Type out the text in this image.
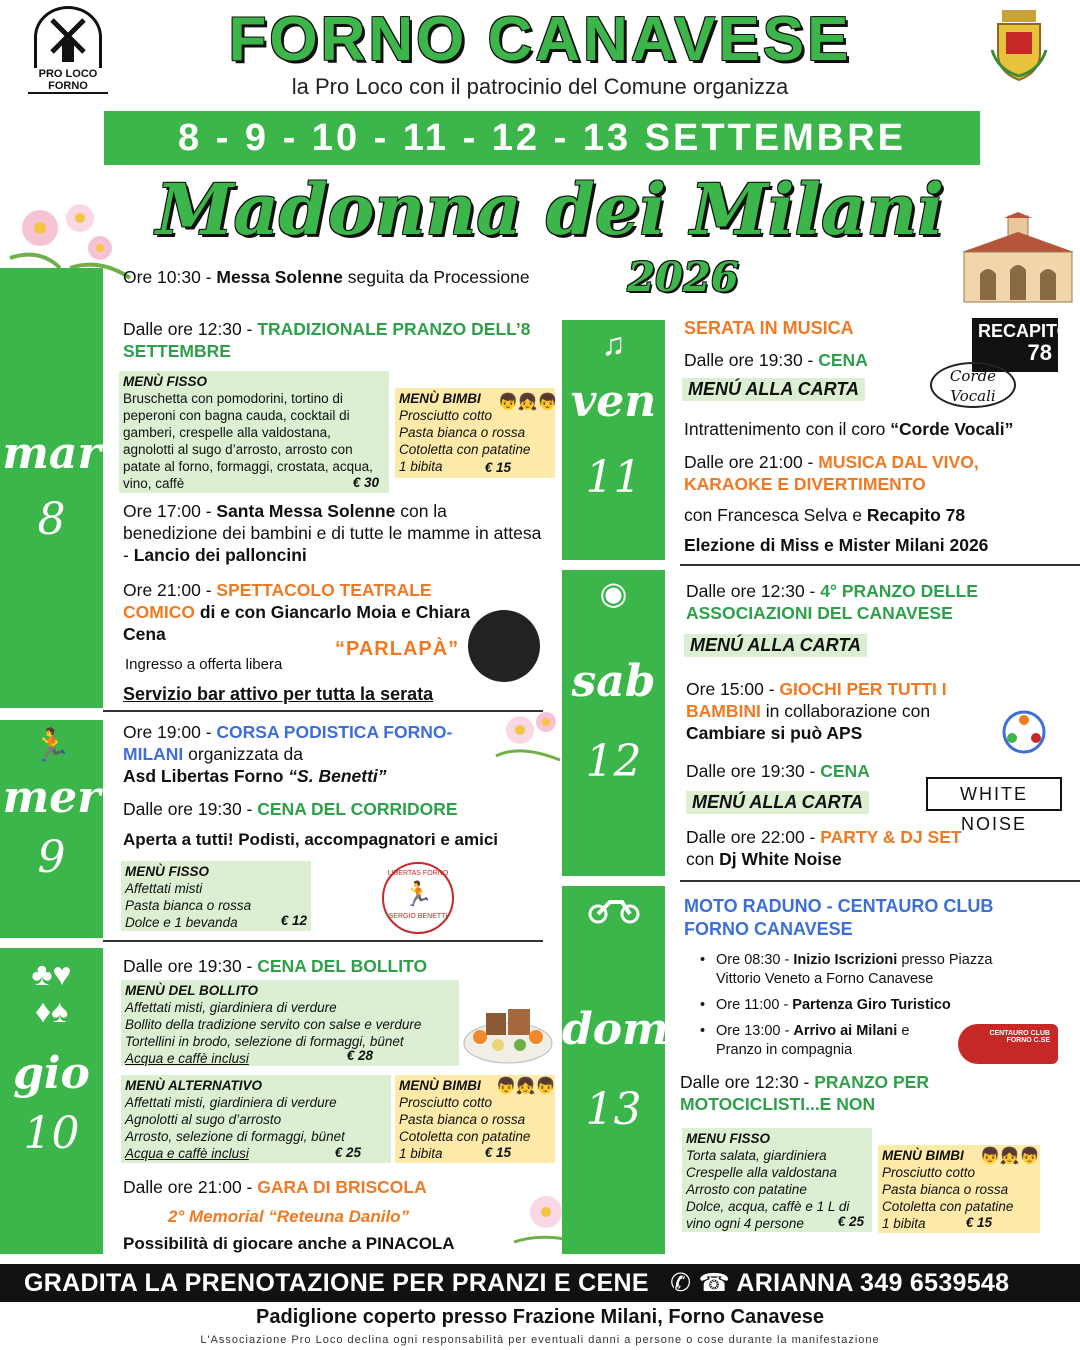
PRO LOCO
FORNO
FORNO CANAVESE
la Pro Loco con il patrocinio del Comune organizza
8 - 9 - 10 - 11 - 12 - 13 SETTEMBRE
Madonna dei Milani
2026
mar
8
🏃
mer
9
♣♥
♦♠
gio
10
♫
ven
11
◉
sab
12
dom
13
Ore 10:30 - Messa Solenne seguita da Processione
Dalle ore 12:30 - TRADIZIONALE PRANZO DELL’8 SETTEMBRE
MENÙ FISSO
Bruschetta con pomodorini, tortino di peperoni con bagna cauda, cocktail di gamberi, crespelle alla valdostana, agnolotti al sugo d’arrosto, arrosto con patate al forno, formaggi, crostata, acqua, vino, caffè	€ 30
MENÙ BIMBI
Prosciutto cotto
Pasta bianca o rossa
Cotoletta con patatine
1 bibita	€ 15
👦👧👦
Ore 17:00 - Santa Messa Solenne con la benedizione dei bambini e di tutte le mamme in attesa - Lancio dei palloncini
Ore 21:00 - SPETTACOLO TEATRALE COMICO di e con Giancarlo Moia e Chiara Cena
“PARLAPÀ”
Ingresso a offerta libera
Servizio bar attivo per tutta la serata
Ore 19:00 - CORSA PODISTICA FORNO-MILANI organizzata da
Asd Libertas Forno “S. Benetti”
Dalle ore 19:30 - CENA DEL CORRIDORE
Aperta a tutti! Podisti, accompagnatori e amici
MENÙ FISSO
Affettati misti
Pasta bianca o rossa
Dolce e 1 bevanda	€ 12
LIBERTAS FORNO
🏃
SERGIO BENETTI
Dalle ore 19:30 - CENA DEL BOLLITO
MENÙ DEL BOLLITO
Affettati misti, giardiniera di verdure
Bollito della tradizione servito con salse e verdure
Tortellini in brodo, selezione di formaggi, bünet
Acqua e caffè inclusi	€ 28
MENÙ ALTERNATIVO
Affettati misti, giardiniera di verdure
Agnolotti al sugo d’arrosto
Arrosto, selezione di formaggi, bünet
Acqua e caffè inclusi	€ 25
MENÙ BIMBI
Prosciutto cotto
Pasta bianca o rossa
Cotoletta con patatine
1 bibita	€ 15
👦👧👦
Dalle ore 21:00 - GARA DI BRISCOLA
2° Memorial “Reteuna Danilo”
Possibilità di giocare anche a PINACOLA
SERATA IN MUSICA
Dalle ore 19:30 - CENA
MENÚ ALLA CARTA
RECAPITO
78
Corde Vocali
Intrattenimento con il coro “Corde Vocali”
Dalle ore 21:00 - MUSICA DAL VIVO, KARAOKE E DIVERTIMENTO
con Francesca Selva e Recapito 78
Elezione di Miss e Mister Milani 2026
Dalle ore 12:30 - 4° PRANZO DELLE ASSOCIAZIONI DEL CANAVESE
MENÚ ALLA CARTA
Ore 15:00 - GIOCHI PER TUTTI I BAMBINI in collaborazione con Cambiare si può APS
Dalle ore 19:30 - CENA
MENÚ ALLA CARTA	WHITE NOISE
Dalle ore 22:00 - PARTY & DJ SET
con Dj White Noise
MOTO RADUNO - CENTAURO CLUB FORNO CANAVESE
• Ore 08:30 - Inizio Iscrizioni presso Piazza Vittorio Veneto a Forno Canavese
• Ore 11:00 - Partenza Giro Turistico
• Ore 13:00 - Arrivo ai Milani e Pranzo in compagnia
CENTAURO CLUB FORNO C.SE
Dalle ore 12:30 - PRANZO PER MOTOCICLISTI...E NON
MENU FISSO
Torta salata, giardiniera
Crespelle alla valdostana
Arrosto con patatine
Dolce, acqua, caffè e 1 L di
vino ogni 4 persone	€ 25
MENÙ BIMBI
Prosciutto cotto
Pasta bianca o rossa
Cotoletta con patatine
1 bibita	€ 15
👦👧👦
GRADITA LA PRENOTAZIONE PER PRANZI E CENE ✆ ☎ ARIANNA 349 6539548
Padiglione coperto presso Frazione Milani, Forno Canavese
L'Associazione Pro Loco declina ogni responsabilità per eventuali danni a persone o cose durante la manifestazione
